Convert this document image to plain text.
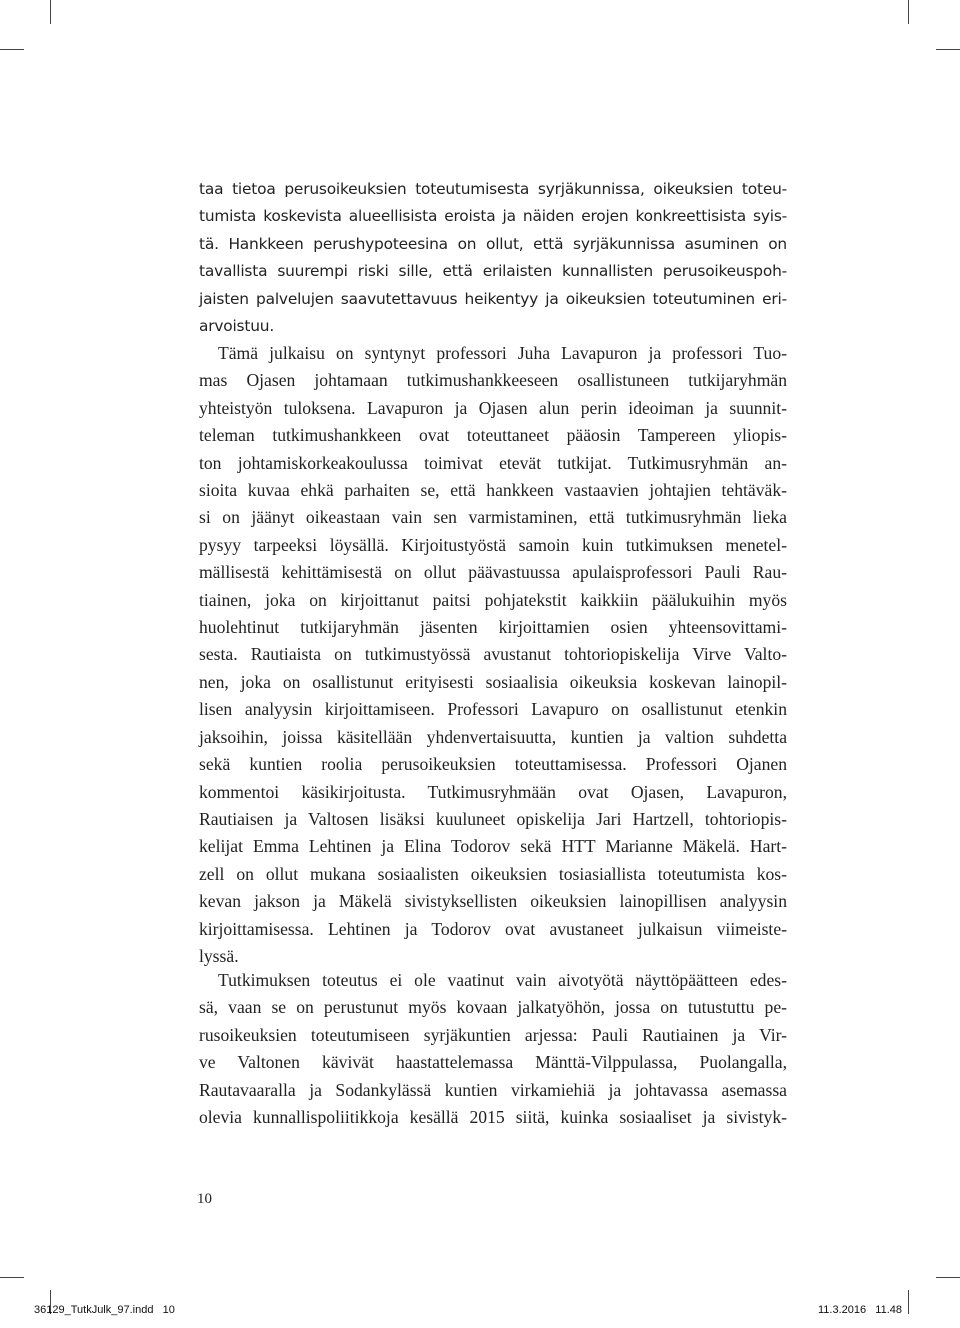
taa tietoa perusoikeuksien toteutumisesta syrjäkunnissa, oikeuksien toteu-
tumista koskevista alueellisista eroista ja näiden erojen konkreettisista syis-
tä. Hankkeen perushypoteesina on ollut, että syrjäkunnissa asuminen on
tavallista suurempi riski sille, että erilaisten kunnallisten perusoikeuspoh-
jaisten palvelujen saavutettavuus heikentyy ja oikeuksien toteutuminen eri-
arvoistuu.
Tämä julkaisu on syntynyt professori Juha Lavapuron ja professori Tuo-
mas Ojasen johtamaan tutkimushankkeeseen osallistuneen tutkijaryhmän
yhteistyön tuloksena. Lavapuron ja Ojasen alun perin ideoiman ja suunnit-
teleman tutkimushankkeen ovat toteuttaneet pääosin Tampereen yliopis-
ton johtamiskorkeakoulussa toimivat etevät tutkijat. Tutkimusryhmän an-
sioita kuvaa ehkä parhaiten se, että hankkeen vastaavien johtajien tehtäväk-
si on jäänyt oikeastaan vain sen varmistaminen, että tutkimusryhmän lieka
pysyy tarpeeksi löysällä. Kirjoitustyöstä samoin kuin tutkimuksen menetel-
mällisestä kehittämisestä on ollut päävastuussa apulaisprofessori Pauli Rau-
tiainen, joka on kirjoittanut paitsi pohjatekstit kaikkiin päälukuihin myös
huolehtinut tutkijaryhmän jäsenten kirjoittamien osien yhteensovittami-
sesta. Rautiaista on tutkimustyössä avustanut tohtoriopiskelija Virve Valto-
nen, joka on osallistunut erityisesti sosiaalisia oikeuksia koskevan lainopil-
lisen analyysin kirjoittamiseen. Professori Lavapuro on osallistunut etenkin
jaksoihin, joissa käsitellään yhdenvertaisuutta, kuntien ja valtion suhdetta
sekä kuntien roolia perusoikeuksien toteuttamisessa. Professori Ojanen
kommentoi käsikirjoitusta. Tutkimusryhmään ovat Ojasen, Lavapuron,
Rautiaisen ja Valtosen lisäksi kuuluneet opiskelija Jari Hartzell, tohtoriopis-
kelijat Emma Lehtinen ja Elina Todorov sekä HTT Marianne Mäkelä. Hart-
zell on ollut mukana sosiaalisten oikeuksien tosiasiallista toteutumista kos-
kevan jakson ja Mäkelä sivistyksellisten oikeuksien lainopillisen analyysin
kirjoittamisessa. Lehtinen ja Todorov ovat avustaneet julkaisun viimeiste-
lyssä.
Tutkimuksen toteutus ei ole vaatinut vain aivotyötä näyttöpäätteen edes-
sä, vaan se on perustunut myös kovaan jalkatyöhön, jossa on tutustuttu pe-
rusoikeuksien toteutumiseen syrjäkuntien arjessa: Pauli Rautiainen ja Vir-
ve Valtonen kävivät haastattelemassa Mänttä-Vilppulassa, Puolangalla,
Rautavaaralla ja Sodankylässä kuntien virkamiehiä ja johtavassa asemassa
olevia kunnallispoliitikkoja kesällä 2015 siitä, kuinka sosiaaliset ja sivistyk-
10
36129_TutkJulk_97.indd   10	11.3.2016   11.48
